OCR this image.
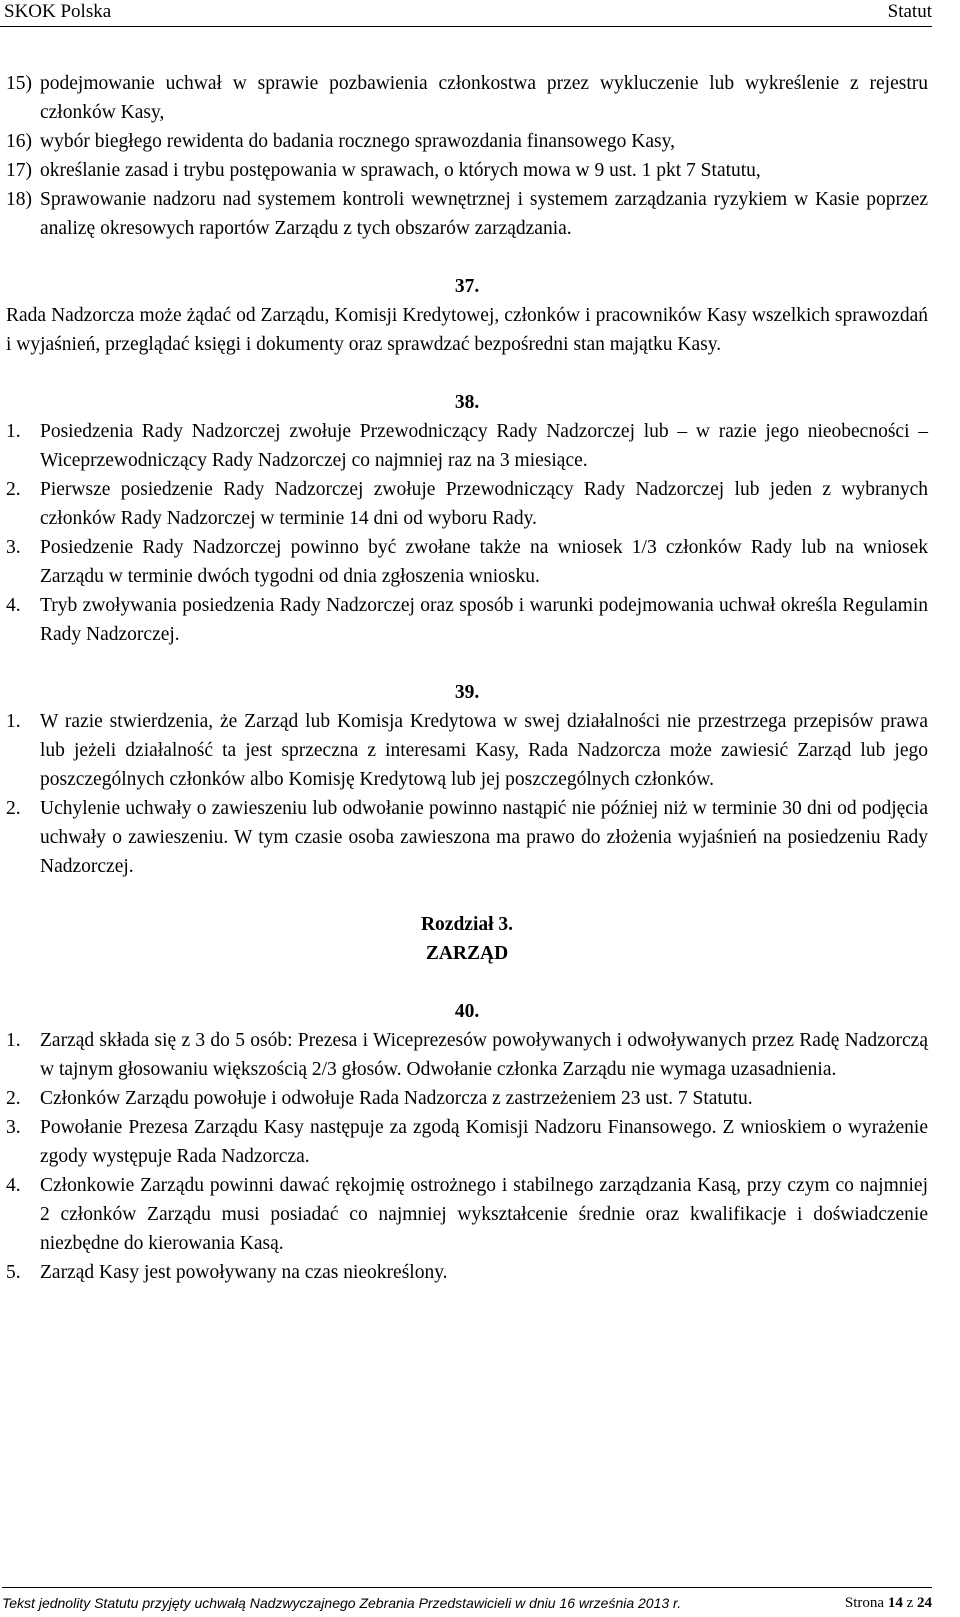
SKOK Polska	Statut
15) podejmowanie uchwał w sprawie pozbawienia członkostwa przez wykluczenie lub wykreślenie z rejestru członków Kasy,
16) wybór biegłego rewidenta do badania rocznego sprawozdania finansowego Kasy,
17) określanie zasad i trybu postępowania w sprawach, o których mowa w 9 ust. 1 pkt 7 Statutu,
18) Sprawowanie nadzoru nad systemem kontroli wewnętrznej i systemem zarządzania ryzykiem w Kasie poprzez analizę okresowych raportów Zarządu z tych obszarów zarządzania.
37.
Rada Nadzorcza może żądać od Zarządu, Komisji Kredytowej, członków i pracowników Kasy wszelkich sprawozdań i wyjaśnień, przeglądać księgi i dokumenty oraz sprawdzać bezpośredni stan majątku Kasy.
38.
1. Posiedzenia Rady Nadzorczej zwołuje Przewodniczący Rady Nadzorczej lub – w razie jego nieobecności – Wiceprzewodniczący Rady Nadzorczej co najmniej raz na 3 miesiące.
2. Pierwsze posiedzenie Rady Nadzorczej zwołuje Przewodniczący Rady Nadzorczej lub jeden z wybranych członków Rady Nadzorczej w terminie 14 dni od wyboru Rady.
3. Posiedzenie Rady Nadzorczej powinno być zwołane także na wniosek 1/3 członków Rady lub na wniosek Zarządu w terminie dwóch tygodni od dnia zgłoszenia wniosku.
4. Tryb zwoływania posiedzenia Rady Nadzorczej oraz sposób i warunki podejmowania uchwał określa Regulamin Rady Nadzorczej.
39.
1. W razie stwierdzenia, że Zarząd lub Komisja Kredytowa w swej działalności nie przestrzega przepisów prawa lub jeżeli działalność ta jest sprzeczna z interesami Kasy, Rada Nadzorcza może zawiesić Zarząd lub jego poszczególnych członków albo Komisję Kredytową lub jej poszczególnych członków.
2. Uchylenie uchwały o zawieszeniu lub odwołanie powinno nastąpić nie później niż w terminie 30 dni od podjęcia uchwały o zawieszeniu. W tym czasie osoba zawieszona ma prawo do złożenia wyjaśnień na posiedzeniu Rady Nadzorczej.
Rozdział 3.
ZARZĄD
40.
1. Zarząd składa się z 3 do 5 osób: Prezesa i Wiceprezesów powoływanych i odwoływanych przez Radę Nadzorczą w tajnym głosowaniu większością 2/3 głosów. Odwołanie członka Zarządu nie wymaga uzasadnienia.
2. Członków Zarządu powołuje i odwołuje Rada Nadzorcza z zastrzeżeniem 23 ust. 7 Statutu.
3. Powołanie Prezesa Zarządu Kasy następuje za zgodą Komisji Nadzoru Finansowego. Z wnioskiem o wyrażenie zgody występuje Rada Nadzorcza.
4. Członkowie Zarządu powinni dawać rękojmię ostrożnego i stabilnego zarządzania Kasą, przy czym co najmniej 2 członków Zarządu musi posiadać co najmniej wykształcenie średnie oraz kwalifikacje i doświadczenie niezbędne do kierowania Kasą.
5. Zarząd Kasy jest powoływany na czas nieokreślony.
Tekst jednolity Statutu przyjęty uchwałą Nadzwyczajnego Zebrania Przedstawicieli w dniu 16 września 2013 r.	Strona 14 z 24
